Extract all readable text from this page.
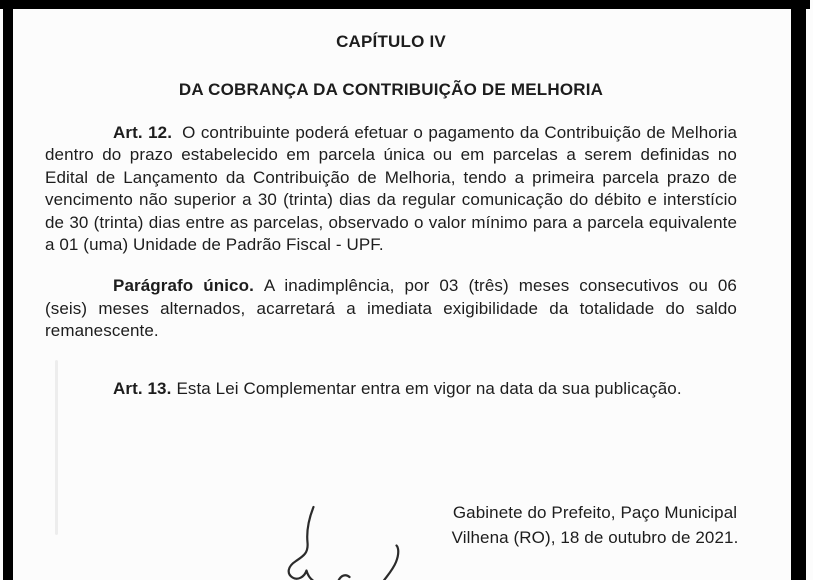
CAPÍTULO IV
DA COBRANÇA DA CONTRIBUIÇÃO DE MELHORIA

Art. 12. O contribuinte poderá efetuar o pagamento da Contribuição de Melhoria dentro do prazo estabelecido em parcela única ou em parcelas a serem definidas no Edital de Lançamento da Contribuição de Melhoria, tendo a primeira parcela prazo de vencimento não superior a 30 (trinta) dias da regular comunicação do débito e interstício de 30 (trinta) dias entre as parcelas, observado o valor mínimo para a parcela equivalente a 01 (uma) Unidade de Padrão Fiscal - UPF.

Parágrafo único. A inadimplência, por 03 (três) meses consecutivos ou 06 (seis) meses alternados, acarretará a imediata exigibilidade da totalidade do saldo remanescente.

Art. 13. Esta Lei Complementar entra em vigor na data da sua publicação.

Gabinete do Prefeito, Paço Municipal
Vilhena (RO), 18 de outubro de 2021.
